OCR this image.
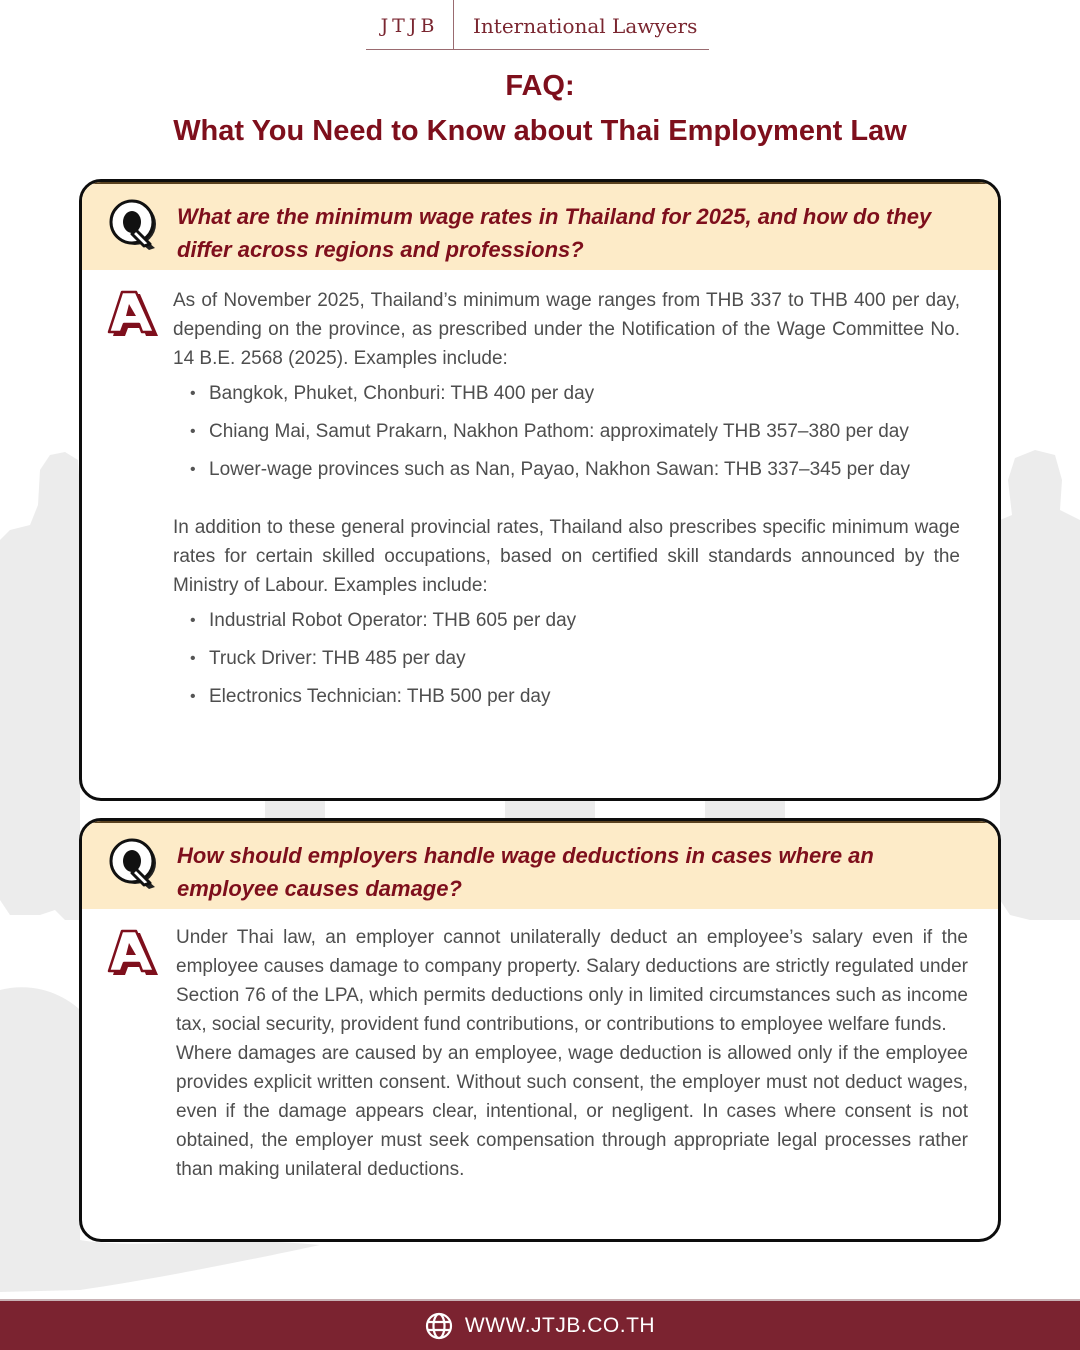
JTJB	International Lawyers
FAQ:
What You Need to Know about Thai Employment Law
What are the minimum wage rates in Thailand for 2025, and how do they differ across regions and professions?

As of November 2025, Thailand’s minimum wage ranges from THB 337 to THB 400 per day, depending on the province, as prescribed under the Notification of the Wage Committee No. 14 B.E. 2568 (2025). Examples include:

• Bangkok, Phuket, Chonburi: THB 400 per day
• Chiang Mai, Samut Prakarn, Nakhon Pathom: approximately THB 357–380 per day
• Lower-wage provinces such as Nan, Payao, Nakhon Sawan: THB 337–345 per day

In addition to these general provincial rates, Thailand also prescribes specific minimum wage rates for certain skilled occupations, based on certified skill standards announced by the Ministry of Labour. Examples include:

• Industrial Robot Operator: THB 605 per day
• Truck Driver: THB 485 per day
• Electronics Technician: THB 500 per day
How should employers handle wage deductions in cases where an employee causes damage?

Under Thai law, an employer cannot unilaterally deduct an employee’s salary even if the employee causes damage to company property. Salary deductions are strictly regulated under Section 76 of the LPA, which permits deductions only in limited circumstances such as income tax, social security, provident fund contributions, or contributions to employee welfare funds.

Where damages are caused by an employee, wage deduction is allowed only if the employee provides explicit written consent. Without such consent, the employer must not deduct wages, even if the damage appears clear, intentional, or negligent. In cases where consent is not obtained, the employer must seek compensation through appropriate legal processes rather than making unilateral deductions.

WWW.JTJB.CO.TH
